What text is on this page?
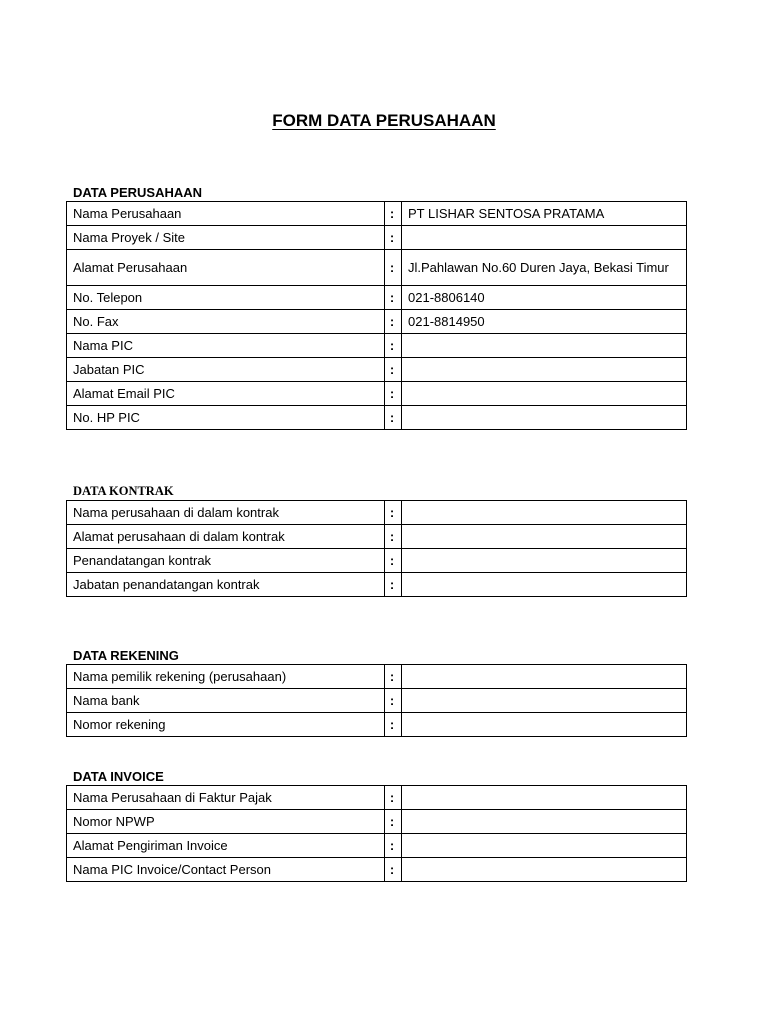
FORM DATA PERUSAHAAN
DATA PERUSAHAAN
Nama Perusahaan	:	PT LISHAR SENTOSA PRATAMA
Nama Proyek / Site	:	
Alamat Perusahaan	:	Jl.Pahlawan No.60 Duren Jaya, Bekasi Timur
No. Telepon	:	021-8806140
No. Fax	:	021-8814950
Nama PIC	:	
Jabatan PIC	:	
Alamat Email PIC	:	
No. HP PIC	:	
DATA KONTRAK
Nama perusahaan di dalam kontrak	:	
Alamat perusahaan di dalam kontrak	:	
Penandatangan kontrak	:	
Jabatan penandatangan kontrak	:	
DATA REKENING
Nama pemilik rekening (perusahaan)	:	
Nama bank	:	
Nomor rekening	:	
DATA INVOICE
Nama Perusahaan di Faktur Pajak	:	
Nomor NPWP	:	
Alamat Pengiriman Invoice	:	
Nama PIC Invoice/Contact Person	:	
